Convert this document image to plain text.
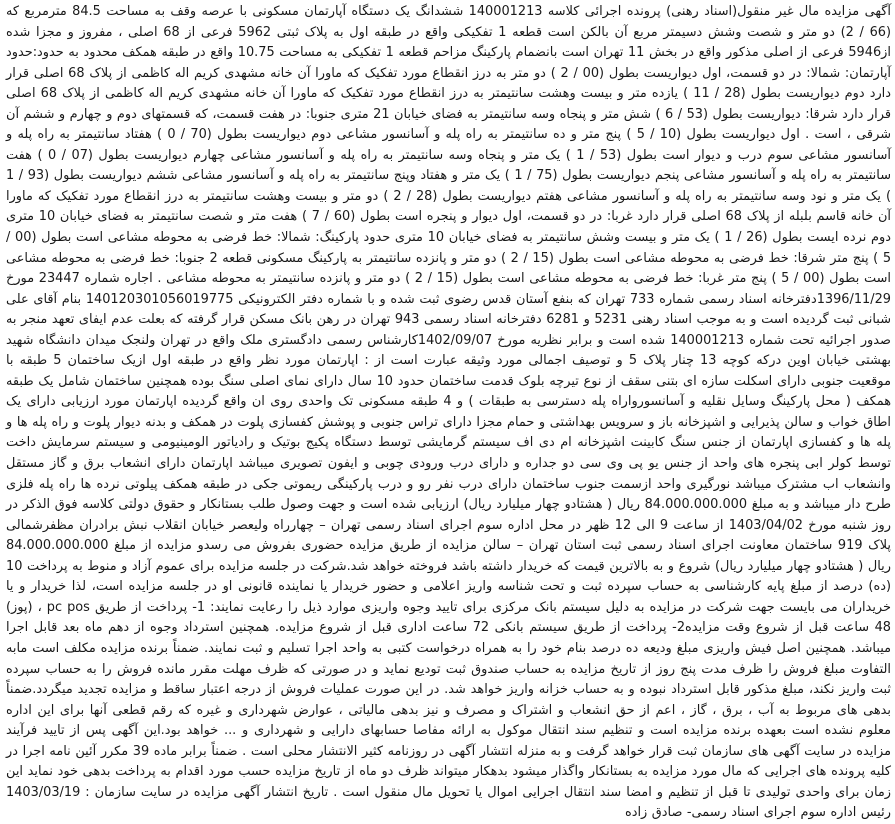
آگهی مزایده مال غیر منقول(اسناد رهنی) پرونده اجرائی کلاسه 140001213 ششدانگ یک دستگاه آپارتمان مسکونی با عرصه وقف به مساحت 84.5 مترمربع که (66 / 2) دو متر و شصت وشش دسیمتر مربع آن بالکن است قطعه 1 تفکیکی واقع در طبقه اول به پلاک ثبتی 5962 فرعی از 68 اصلی ، مفروز و مجزا شده از5946 فرعی از اصلی مذکور واقع در بخش 11 تهران است بانضمام پارکینگ مزاحم قطعه 1 تفکیکی به مساحت 10.75 واقع در طبقه همکف محدود به حدود:حدود آپارتمان: شمالا: در دو قسمت، اول دیواریست بطول (00 / 2 ) دو متر به درز انقطاع مورد تفکیک که ماورا آن خانه مشهدی کریم اله کاظمی از پلاک 68 اصلی قرار دارد دوم دیواریست بطول (28 / 11 ) یازده متر و بیست وهشت سانتیمتر به درز انقطاع مورد تفکیک که ماورا آن خانه مشهدی کریم اله کاظمی از پلاک 68 اصلی قرار دارد شرقا: دیواریست بطول (53 / 6 ) شش متر و پنجاه وسه سانتیمتر به فضای خیابان 21 متری جنوبا: در هفت قسمت، که قسمتهای دوم و چهارم و ششم آن شرقی ، است . اول دیواریست بطول (10 / 5 ) پنج متر و ده سانتیمتر به راه پله و آسانسور مشاعی دوم دیواریست بطول (70 / 0 ) هفتاد سانتیمتر به راه پله و آسانسور مشاعی سوم درب و دیوار است بطول (53 / 1 ) یک متر و پنجاه وسه سانتیمتر به راه پله و آسانسور مشاعی چهارم دیواریست بطول (07 / 0 ) هفت سانتیمتر به راه پله و آسانسور مشاعی پنجم دیواریست بطول (75 / 1 ) یک متر و هفتاد وپنج سانتیمتر به راه پله و آسانسور مشاعی ششم دیواریست بطول (93 / 1 ) یک متر و نود وسه سانتیمتر به راه پله و آسانسور مشاعی هفتم دیواریست بطول (28 / 2 ) دو متر و بیست وهشت سانتیمتر به درز انقطاع مورد تفکیک که ماورا آن خانه قاسم بلبله از پلاک 68 اصلی قرار دارد غربا: در دو قسمت، اول دیوار و پنجره است بطول (60 / 7 ) هفت متر و شصت سانتیمتر به فضای خیابان 10 متری دوم نرده ایست بطول (26 / 1 ) یک متر و بیست وشش سانتیمتر به فضای خیابان 10 متری حدود پارکینگ: شمالا: خط فرضی به محوطه مشاعی است بطول (00 / 5 ) پنج متر شرقا: خط فرضی به محوطه مشاعی است بطول (15 / 2 ) دو متر و پانزده سانتیمتر به پارکینگ مسکونی قطعه 2 جنوبا: خط فرضی به محوطه مشاعی است بطول (00 / 5 ) پنج متر غربا: خط فرضی به محوطه مشاعی است بطول (15 / 2 ) دو متر و پانزده سانتیمتر به محوطه مشاعی . اجاره شماره 23447 مورخ 1396/11/29دفترخانه اسناد رسمی شماره 733 تهران که بنفع آستان قدس رضوی ثبت شده و با شماره دفتر الکترونیکی 140120301056019775 بنام آقای علی شبانی ثبت گردیده است و به موجب اسناد رهنی 5231 و 6281 دفترخانه اسناد رسمی 943 تهران در رهن بانک مسکن قرار گرفته که بعلت عدم ایفای تعهد منجر به صدور اجرائیه تحت شماره 140001213 شده است و برابر نظریه مورخ 1402/09/07کارشناس رسمی دادگستری ملک واقع در تهران ولنجک میدان دانشگاه شهید بهشتی خیابان اوین درکه کوچه 13 چنار پلاک 5 و توصیف اجمالی مورد وثیقه عبارت است از : اپارتمان مورد نظر واقع در طبقه اول ازیک ساختمان 5 طبقه با موقعیت جنوبی دارای اسکلت سازه ای بتنی سقف از نوع تیرچه بلوک قدمت ساختمان حدود 10 سال دارای نمای اصلی سنگ بوده همچنین ساختمان شامل یک طبقه همکف ( محل پارکینگ وسایل نقلیه و آسانسورواراه پله دسترسی به طبقات ) و 4 طبقه مسکونی تک واحدی روی ان واقع گردیده اپارتمان مورد ارزیابی دارای یک اطاق خواب و سالن پذیرایی و اشپزخانه باز و سرویس بهداشتی و حمام مجزا دارای تراس جنوبی و پوشش کفسازی پلوت در همکف و بدنه دیوار پلوت و راه پله ها و پله ها و کفسازی اپارتمان از جنس سنگ کابینت اشپزخانه ام دی اف سیستم گرمایشی توسط دستگاه پکیج بوتیک و رادیاتور الومینیومی و سیستم سرمایش داخت توسط کولر ابی پنجره های واحد از جنس یو پی وی سی دو جداره و دارای درب ورودی چوبی و ایفون تصویری میباشد اپارتمان دارای انشعاب برق و گاز مستقل وانشعاب اب مشترک میباشد نورگیری واحد ازسمت جنوب ساختمان دارای درب نفر رو و درب پارکینگی ریموتی جکی در طبقه همکف پیلوتی نرده ها راه پله فلزی طرح دار میباشد و به مبلغ 84.000.000.000 ریال ( هشتادو چهار میلیارد ریال) ارزیابی شده است و جهت وصول طلب بستانکار و حقوق دولتی کلاسه فوق الذکر در روز شنبه مورخ 1403/04/02 از ساعت 9 الی 12 ظهر در محل اداره سوم اجرای اسناد رسمی تهران – چهارراه ولیعصر خیابان انقلاب نبش برادران مظفرشمالی پلاک 919 ساختمان معاونت اجرای اسناد رسمی ثبت استان تهران – سالن مزایده از طریق مزایده حضوری بفروش می رسدو مزایده از مبلغ 84.000.000.000 ریال ( هشتادو چهار میلیارد ریال) شروع و به بالاترین قیمت که خریدار داشته باشد فروخته خواهد شد.شرکت در جلسه مزایده برای عموم آزاد و منوط به پرداخت 10 (ده) درصد از مبلغ پایه کارشناسی به حساب سپرده ثبت و تحت شناسه واریز اعلامی و حضور خریدار یا نماینده قانونی او در جلسه مزایده است، لذا خریدار و یا خریداران می بایست جهت شرکت در مزایده به دلیل سیستم بانک مرکزی برای تایید وجوه واریزی موارد ذیل را رعایت نمایند: 1- پرداخت از طریق pc pos ، (پوز) 48 ساعت قبل از شروع وقت مزایده2- پرداخت از طریق سیستم بانکی 72 ساعت اداری قبل از شروع مزایده. همچنین استرداد وجوه از دهم ماه بعد قابل اجرا میباشد. همچنین اصل فیش واریزی مبلغ ودیعه ده درصد بنام خود را به همراه درخواست کتبی به واحد اجرا تسلیم و ثبت نمایند. ضمناً برنده مزایده مکلف است مابه التفاوت مبلغ فروش را ظرف مدت پنج روز از تاریخ مزایده به حساب صندوق ثبت تودیع نماید و در صورتی که ظرف مهلت مقرر مانده فروش را به حساب سپرده ثبت واریز نکند، مبلغ مذکور قابل استرداد نبوده و به حساب خزانه واریز خواهد شد. در این صورت عملیات فروش از درجه اعتبار ساقط و مزایده تجدید میگردد.ضمناً بدهی های مربوط به آب ، برق ، گاز ، اعم از حق انشعاب و اشتراک و مصرف و نیز بدهی مالیاتی ، عوارض شهرداری و غیره که رقم قطعی آنها برای این اداره معلوم نشده است بعهده برنده مزایده است و تنظیم سند انتقال موکول به ارائه مفاصا حسابهای دارایی و شهرداری و ... خواهد بود.این آگهی پس از تایید فرآیند مزایده در سایت آگهی های سازمان ثبت قرار خواهد گرفت و به منزله انتشار آگهی در روزنامه کثیر الانتشار محلی است . ضمناً برابر ماده 39 مکرر آئین نامه اجرا در کلیه پرونده های اجرایی که مال مورد مزایده به بستانکار واگذار میشود بدهکار میتواند ظرف دو ماه از تاریخ مزایده حسب مورد اقدام به پرداخت بدهی خود نماید این زمان برای واحدی تولیدی تا قبل از تنظیم و امضا سند انتقال اجرایی اموال یا تحویل مال منقول است . تاریخ انتشار آگهی مزایده در سایت سازمان : 1403/03/19 رئیس اداره سوم اجرای اسناد رسمی- صادق زاده
